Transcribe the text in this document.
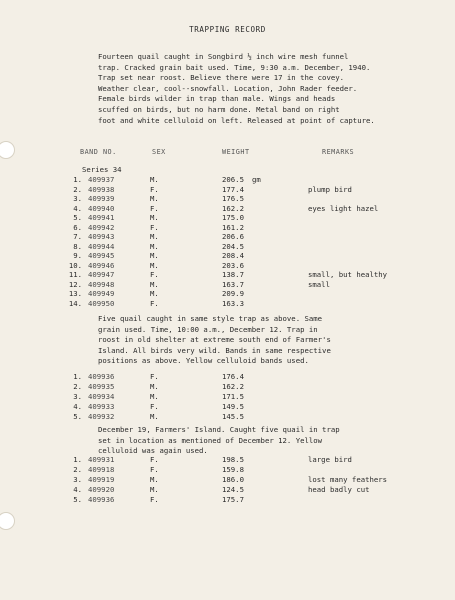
TRAPPING RECORD
Fourteen quail caught in Songbird ½ inch wire mesh funnel
trap. Cracked grain bait used. Time, 9:30 a.m. December, 1940.
Trap set near roost. Believe there were 17 in the covey.
Weather clear, cool--snowfall. Location, John Rader feeder.
Female birds wilder in trap than male. Wings and heads
scuffed on birds, but no harm done. Metal band on right
foot and white celluloid on left. Released at point of capture.
BAND NO.	SEX	WEIGHT	REMARKS
Series 34
1. 409937	M.	206.5 gm
2. 409938	F.	177.4	plump bird
3. 409939	M.	176.5
4. 409940	F.	162.2	eyes light hazel
5. 409941	M.	175.0
6. 409942	F.	161.2
7. 409943	M.	206.6
8. 409944	M.	204.5
9. 409945	M.	208.4
10. 409946	M.	203.6
11. 409947	F.	138.7	small, but healthy
12. 409948	M.	163.7	small
13. 409949	M.	209.9
14. 409950	F.	163.3
Five quail caught in same style trap as above. Same
grain used. Time, 10:00 a.m., December 12. Trap in
roost in old shelter at extreme south end of Farmer's
Island. All birds very wild. Bands in same respective
positions as above. Yellow celluloid bands used.
1. 409936	F.	176.4
2. 409935	M.	162.2
3. 409934	M.	171.5
4. 409933	F.	149.5
5. 409932	M.	145.5
December 19, Farmers' Island. Caught five quail in trap
set in location as mentioned of December 12. Yellow
celluloid was again used.
1. 409931	F.	198.5	large bird
2. 409918	F.	159.8
3. 409919	M.	186.0	lost many feathers
4. 409920	M.	124.5	head badly cut
5. 409936	F.	175.7
